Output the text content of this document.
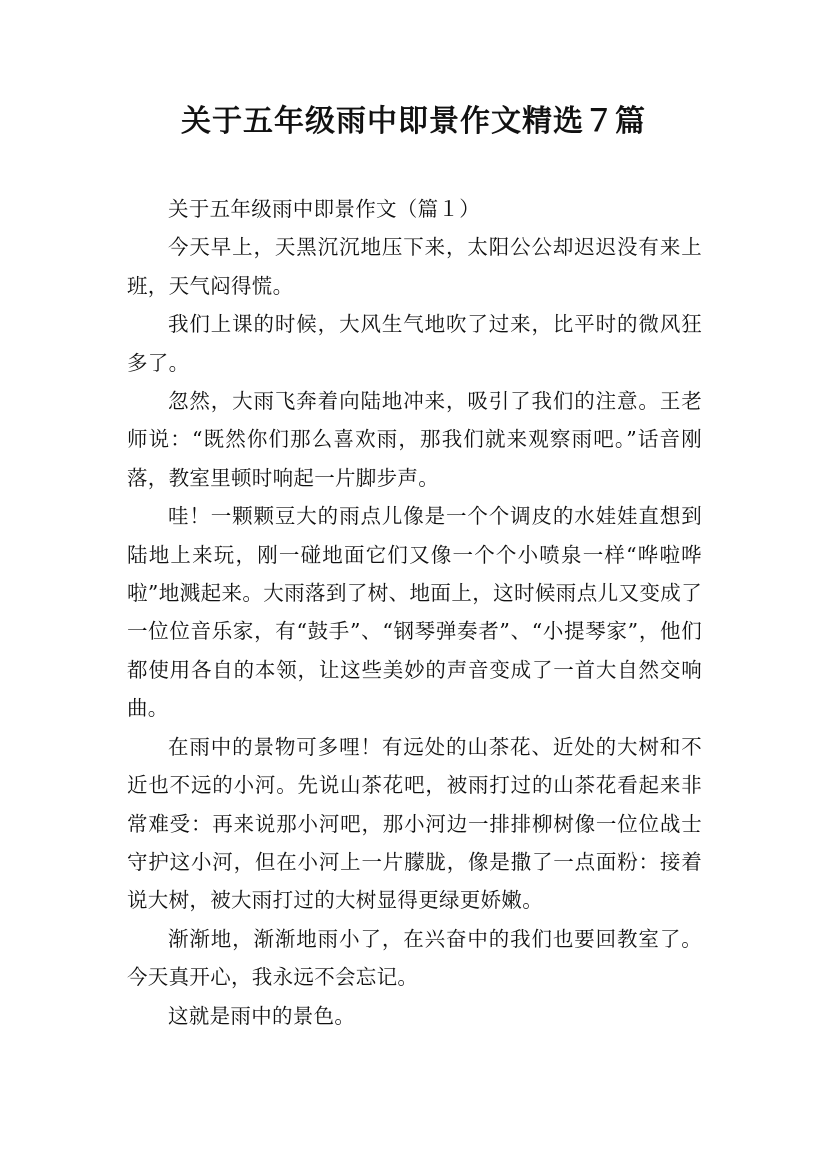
关于五年级雨中即景作文精选７篇

关于五年级雨中即景作文（篇１）

今天早上，天黑沉沉地压下来，太阳公公却迟迟没有来上班，天气闷得慌。

我们上课的时候，大风生气地吹了过来，比平时的微风狂多了。

忽然，大雨飞奔着向陆地冲来，吸引了我们的注意。王老师说：“既然你们那么喜欢雨，那我们就来观察雨吧。”话音刚落，教室里顿时响起一片脚步声。

哇！一颗颗豆大的雨点儿像是一个个调皮的水娃娃直想到陆地上来玩，刚一碰地面它们又像一个个小喷泉一样“哗啦哗啦”地溅起来。大雨落到了树、地面上，这时候雨点儿又变成了一位位音乐家，有“鼓手”、“钢琴弹奏者”、“小提琴家”，他们都使用各自的本领，让这些美妙的声音变成了一首大自然交响曲。

在雨中的景物可多哩！有远处的山茶花、近处的大树和不近也不远的小河。先说山茶花吧，被雨打过的山茶花看起来非常难受：再来说那小河吧，那小河边一排排柳树像一位位战士守护这小河，但在小河上一片朦胧，像是撒了一点面粉：接着说大树，被大雨打过的大树显得更绿更娇嫩。

渐渐地，渐渐地雨小了，在兴奋中的我们也要回教室了。今天真开心，我永远不会忘记。

这就是雨中的景色。
